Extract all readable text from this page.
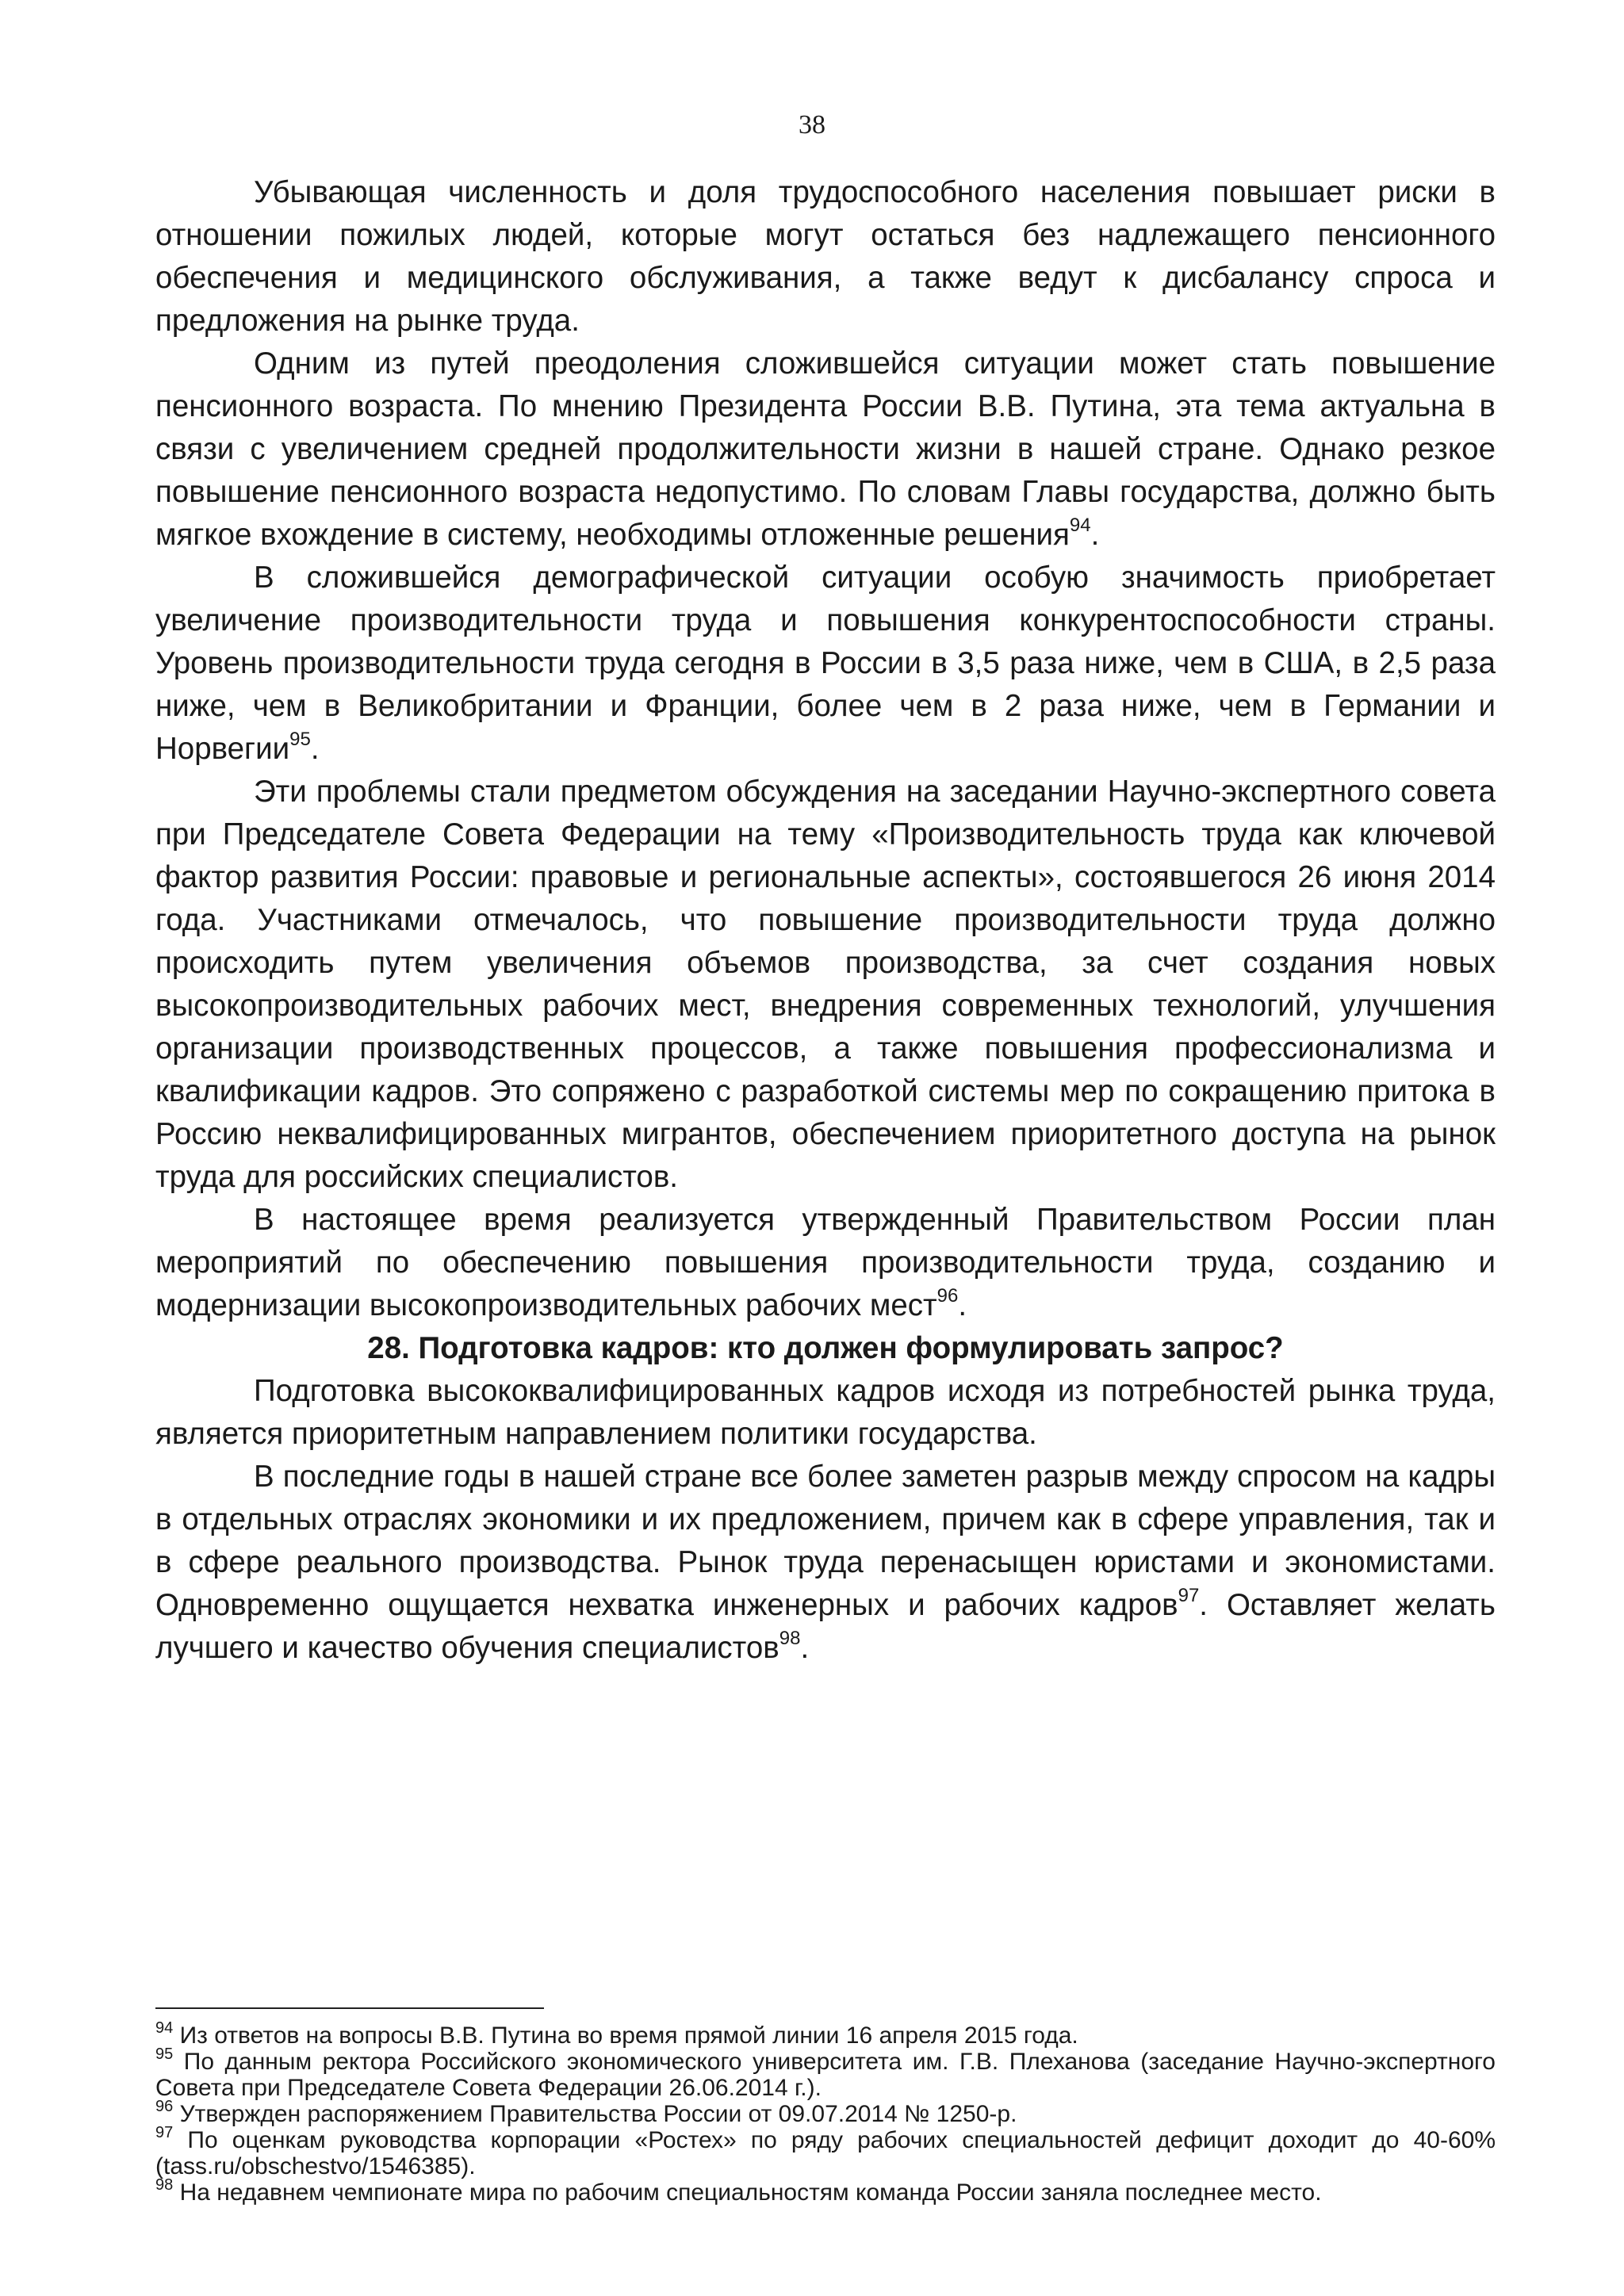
38

Убывающая численность и доля трудоспособного населения повышает риски в отношении пожилых людей, которые могут остаться без надлежащего пенсионного обеспечения и медицинского обслуживания, а также ведут к дисбалансу спроса и предложения на рынке труда.

Одним из путей преодоления сложившейся ситуации может стать повышение пенсионного возраста. По мнению Президента России В.В. Путина, эта тема актуальна в связи с увеличением средней продолжительности жизни в нашей стране. Однако резкое повышение пенсионного возраста недопустимо. По словам Главы государства, должно быть мягкое вхождение в систему, необходимы отложенные решения$^{94}$.

В сложившейся демографической ситуации особую значимость приобретает увеличение производительности труда и повышения конкурентоспособности страны. Уровень производительности труда сегодня в России в 3,5 раза ниже, чем в США, в 2,5 раза ниже, чем в Великобритании и Франции, более чем в 2 раза ниже, чем в Германии и Норвегии$^{95}$.

Эти проблемы стали предметом обсуждения на заседании Научно-экспертного совета при Председателе Совета Федерации на тему «Производительность труда как ключевой фактор развития России: правовые и региональные аспекты», состоявшегося 26 июня 2014 года. Участниками отмечалось, что повышение производительности труда должно происходить путем увеличения объемов производства, за счет создания новых высокопроизводительных рабочих мест, внедрения современных технологий, улучшения организации производственных процессов, а также повышения профессионализма и квалификации кадров. Это сопряжено с разработкой системы мер по сокращению притока в Россию неквалифицированных мигрантов, обеспечением приоритетного доступа на рынок труда для российских специалистов.

В настоящее время реализуется утвержденный Правительством России план мероприятий по обеспечению повышения производительности труда, созданию и модернизации высокопроизводительных рабочих мест$^{96}$.

28. Подготовка кадров: кто должен формулировать запрос?

Подготовка высококвалифицированных кадров исходя из потребностей рынка труда, является приоритетным направлением политики государства.

В последние годы в нашей стране все более заметен разрыв между спросом на кадры в отдельных отраслях экономики и их предложением, причем как в сфере управления, так и в сфере реального производства. Рынок труда перенасыщен юристами и экономистами. Одновременно ощущается нехватка инженерных и рабочих кадров$^{97}$. Оставляет желать лучшего и качество обучения специалистов$^{98}$.

$^{94}$ Из ответов на вопросы В.В. Путина во время прямой линии 16 апреля 2015 года.

$^{95}$ По данным ректора Российского экономического университета им. Г.В. Плеханова (заседание Научно-экспертного Совета при Председателе Совета Федерации 26.06.2014 г.).

$^{96}$ Утвержден распоряжением Правительства России от 09.07.2014 № 1250-р.

$^{97}$ По оценкам руководства корпорации «Ростех» по ряду рабочих специальностей дефицит доходит до 40-60% (tass.ru/obschestvo/1546385).

$^{98}$ На недавнем чемпионате мира по рабочим специальностям команда России заняла последнее место.
